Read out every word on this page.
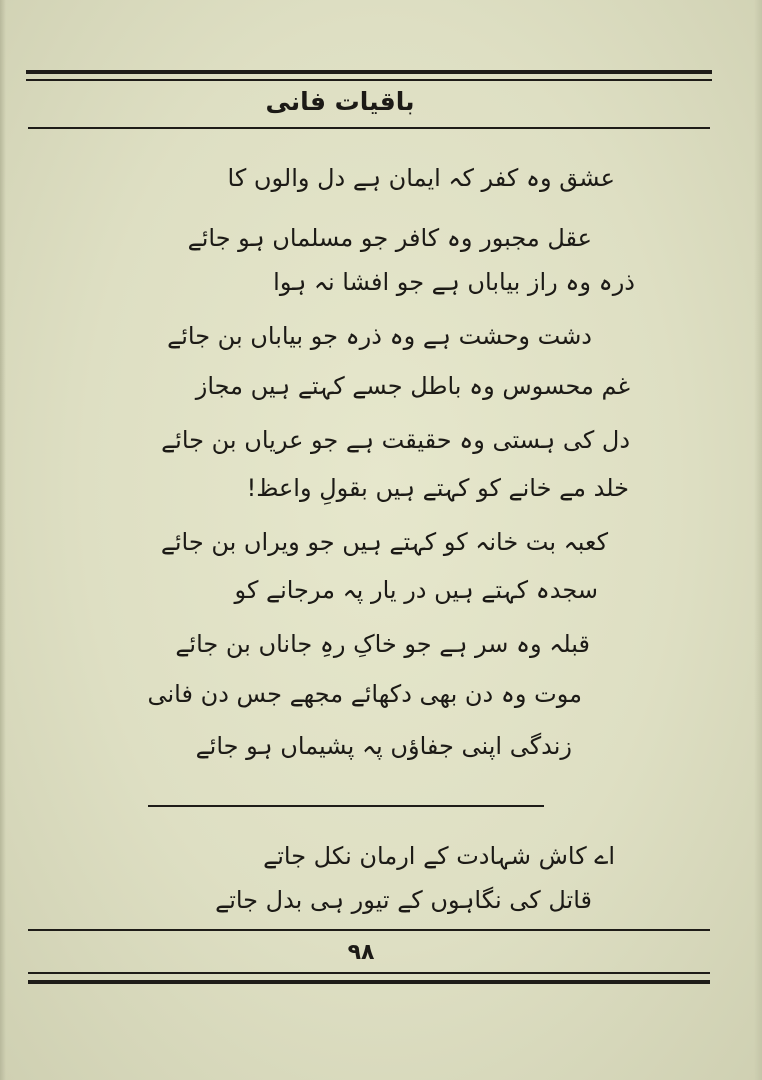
باقیات فانی
عشق وہ کفر کہ ایمان ہے دل والوں کا
عقل مجبور وہ کافر جو مسلماں ہو جائے
ذرہ وہ راز بیاباں ہے جو افشا نہ ہوا
دشت وحشت ہے وہ ذرہ جو بیاباں بن جائے
غم محسوس وہ باطل جسے کہتے ہیں مجاز
دل کی ہستی وہ حقیقت ہے جو عریاں بن جائے
خلد مے خانے کو کہتے ہیں بقولِ واعظ!
کعبہ بت خانہ کو کہتے ہیں جو ویراں بن جائے
سجدہ کہتے ہیں در یار پہ مرجانے کو
قبلہ وہ سر ہے جو خاکِ رہِ جاناں بن جائے
موت وہ دن بھی دکھائے مجھے جس دن فانی
زندگی اپنی جفاؤں پہ پشیماں ہو جائے
اے کاش شہادت کے ارمان نکل جاتے
قاتل کی نگاہوں کے تیور ہی بدل جاتے
۹۸
